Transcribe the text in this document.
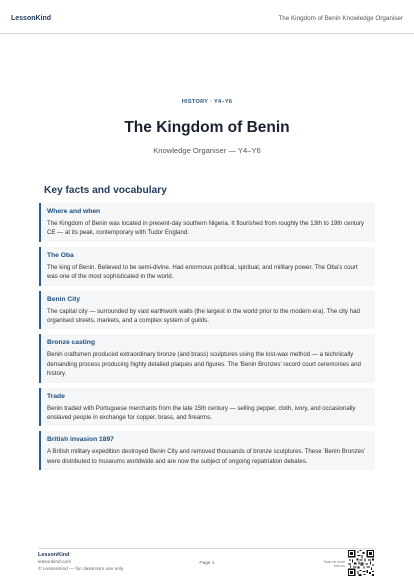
LessonKind	The Kingdom of Benin Knowledge Organiser
HISTORY · Y4–Y6
The Kingdom of Benin
Knowledge Organiser — Y4–Y6
Key facts and vocabulary
Where and when

The Kingdom of Benin was located in present-day southern Nigeria. It flourished from roughly the 13th to 19th century CE — at its peak, contemporary with Tudor England.

The Oba

The king of Benin. Believed to be semi-divine. Had enormous political, spiritual, and military power. The Oba's court was one of the most sophisticated in the world.

Benin City

The capital city — surrounded by vast earthwork walls (the largest in the world prior to the modern era). The city had organised streets, markets, and a complex system of guilds.

Bronze casting

Benin craftsmen produced extraordinary bronze (and brass) sculptures using the lost-wax method — a technically demanding process producing highly detailed plaques and figures. The 'Benin Bronzes' record court ceremonies and history.

Trade

Benin traded with Portuguese merchants from the late 15th century — selling pepper, cloth, ivory, and occasionally enslaved people in exchange for copper, brass, and firearms.

British invasion 1897

A British military expedition destroyed Benin City and removed thousands of bronze sculptures. These 'Benin Bronzes' were distributed to museums worldwide and are now the subject of ongoing repatriation debates.

LessonKind
lessonkind.com
© LessonKind — for classroom use only
Page 1	Scan for more from us
